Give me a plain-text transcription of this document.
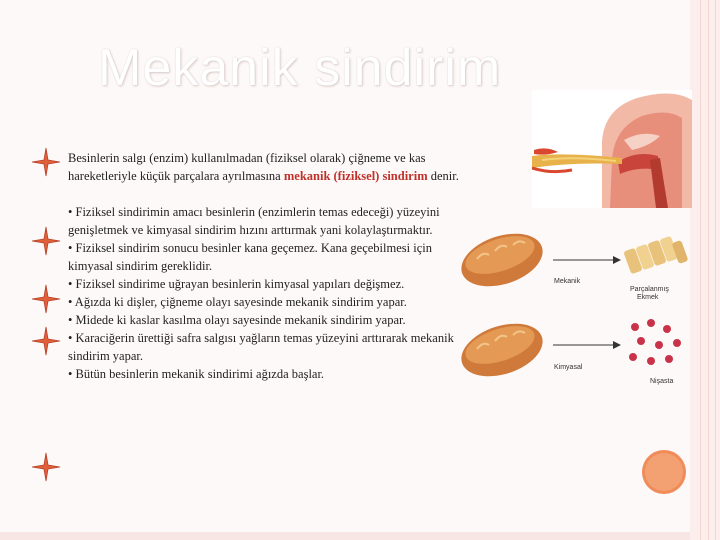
Mekanik sindirim

Besinlerin salgı (enzim) kullanılmadan (fiziksel olarak) çiğneme ve kas hareketleriyle küçük parçalara ayrılmasına mekanik (fiziksel) sindirim denir.

• Fiziksel sindirimin amacı besinlerin (enzimlerin temas edeceği) yüzeyini genişletmek ve kimyasal sindirim hızını arttırmak yani kolaylaştırmaktır.

• Fiziksel sindirim sonucu besinler kana geçemez. Kana geçebilmesi için kimyasal sindirim gereklidir.

• Fiziksel sindirime uğrayan besinlerin kimyasal yapıları değişmez.

• Ağızda ki dişler, çiğneme olayı sayesinde mekanik sindirim yapar.

• Midede ki kaslar kasılma olayı sayesinde mekanik sindirim yapar.

• Karaciğerin ürettiği safra salgısı yağların temas yüzeyini arttırarak mekanik sindirim yapar.

• Bütün besinlerin mekanik sindirimi ağızda başlar.

Mekanik
Parçalanmış
Ekmek
Kimyasal
Nişasta
